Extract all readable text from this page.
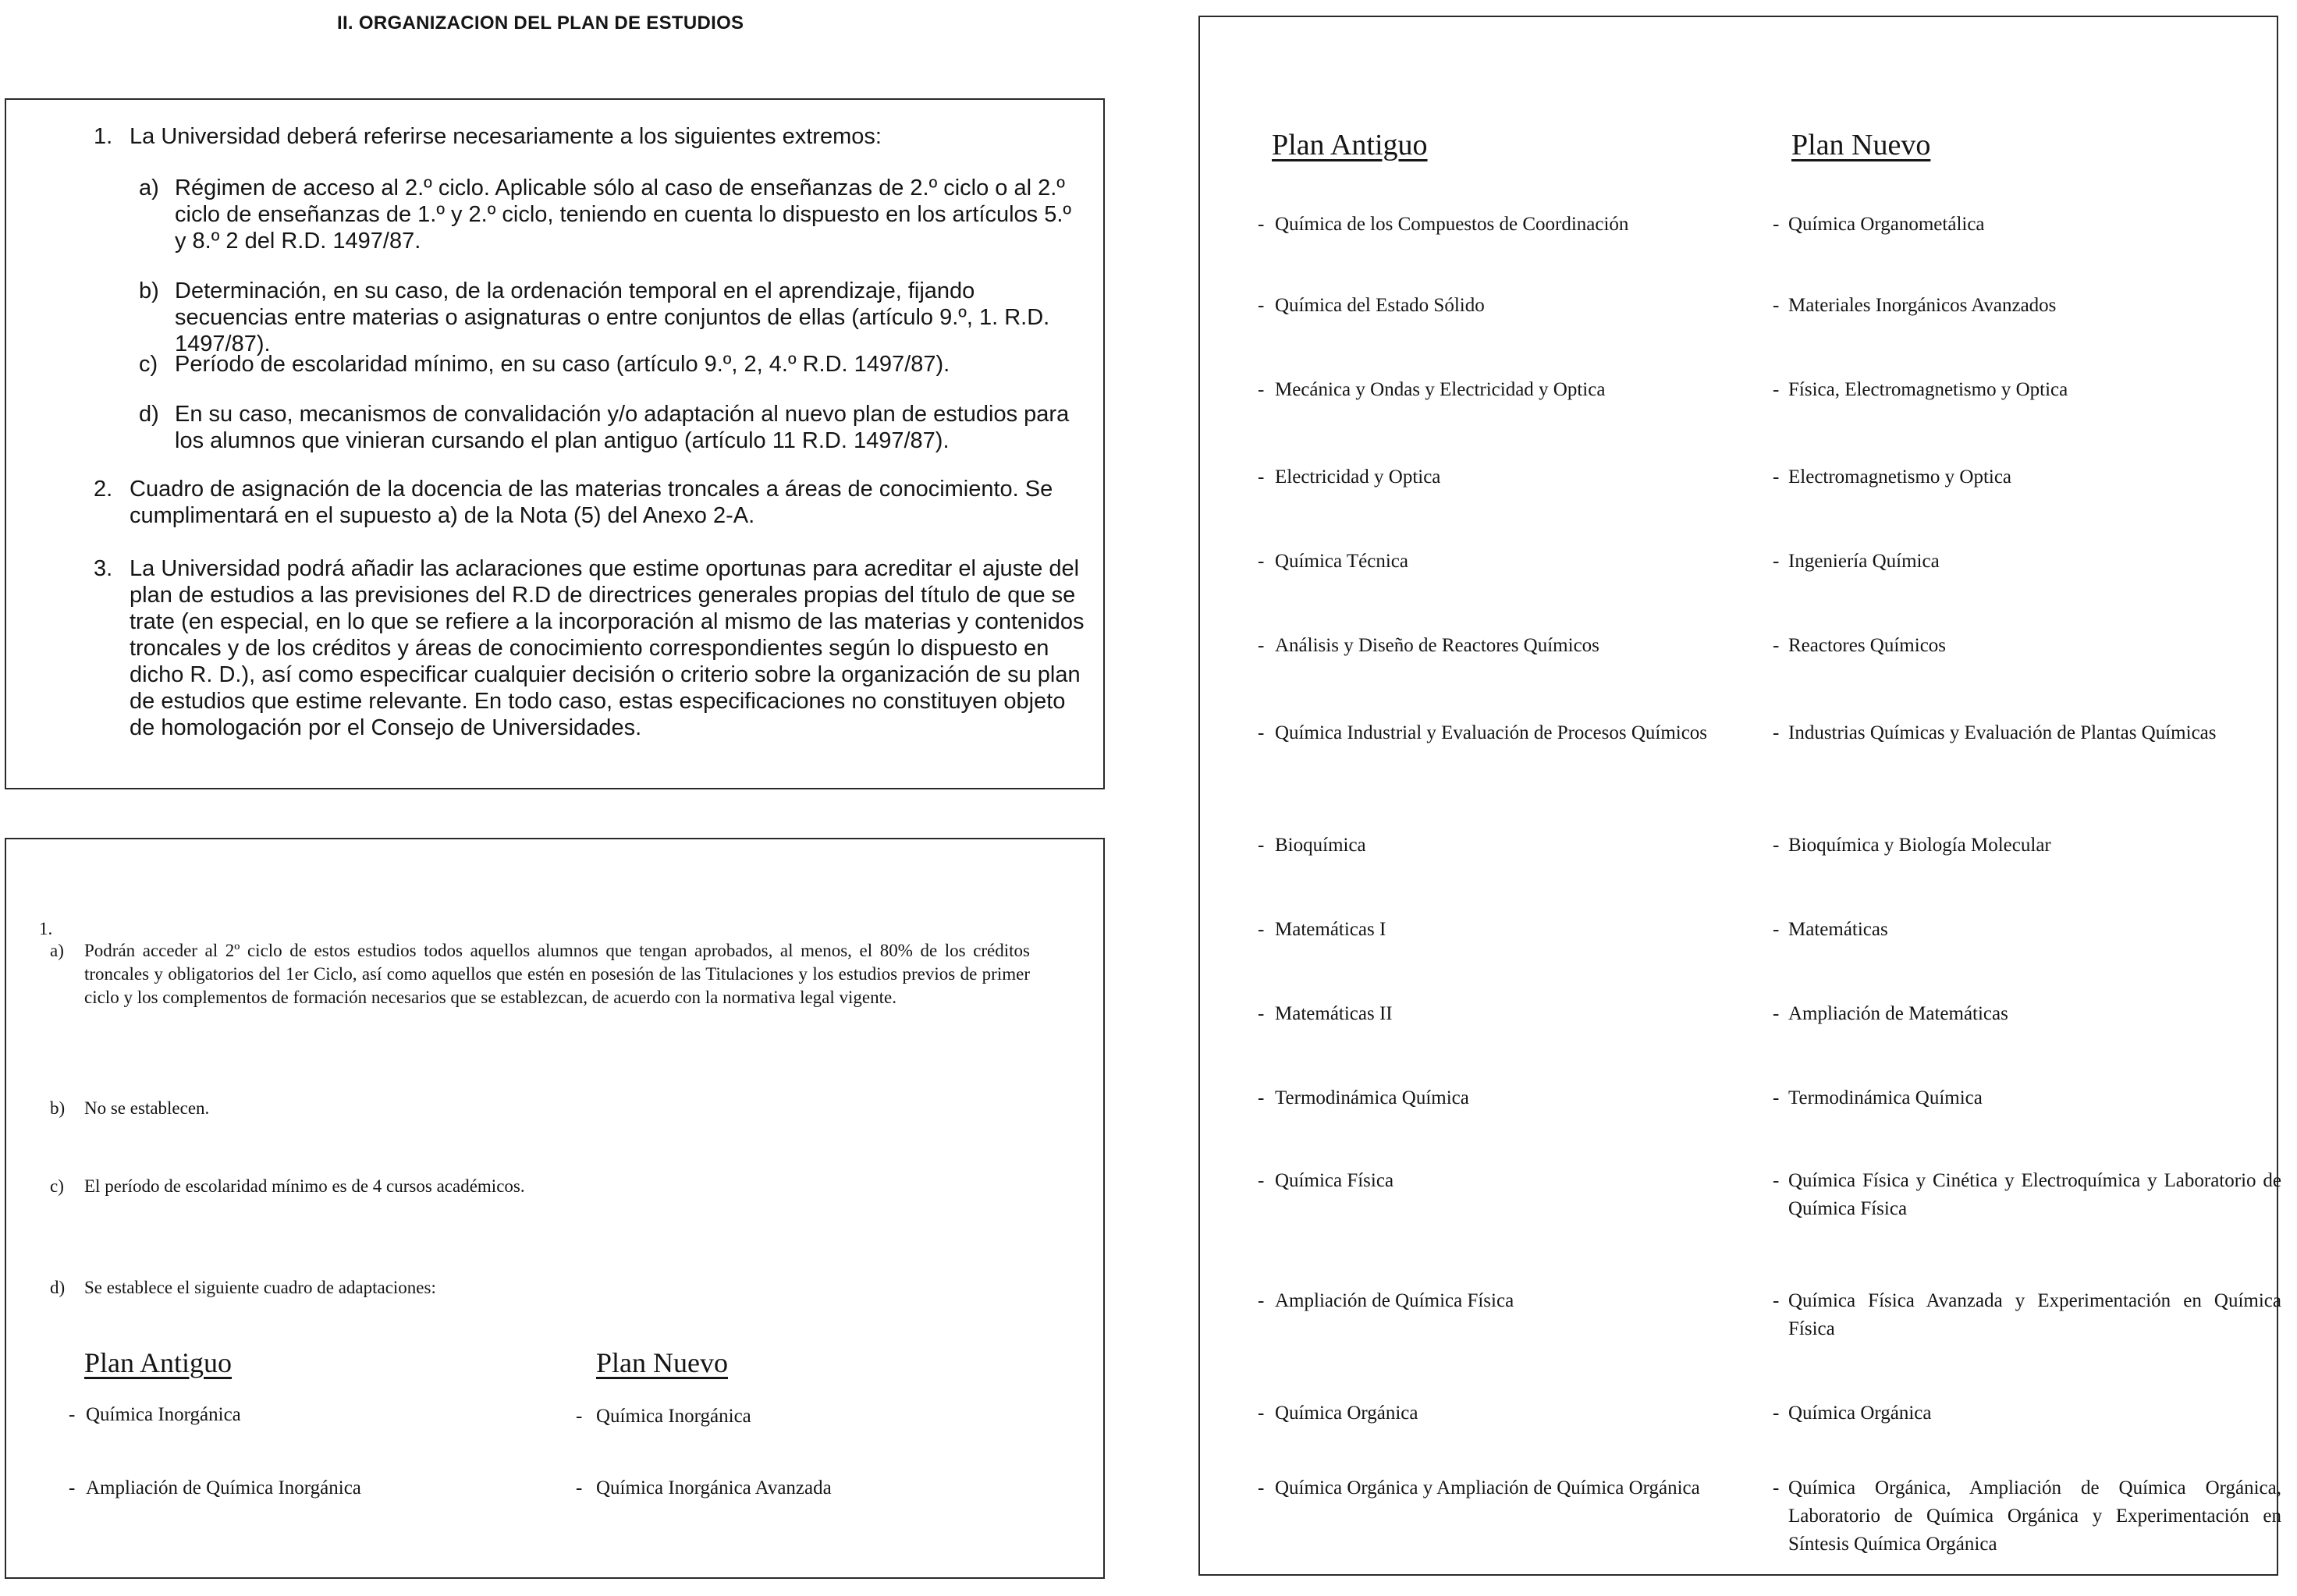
II. ORGANIZACION DEL PLAN DE ESTUDIOS
1. La Universidad deberá referirse necesariamente a los siguientes extremos:
a) Régimen de acceso al 2.º ciclo. Aplicable sólo al caso de enseñanzas de 2.º ciclo o al 2.º ciclo de enseñanzas de 1.º y 2.º ciclo, teniendo en cuenta lo dispuesto en los artículos 5.º y 8.º 2 del R.D. 1497/87.
b) Determinación, en su caso, de la ordenación temporal en el aprendizaje, fijando secuencias entre materias o asignaturas o entre conjuntos de ellas (artículo 9.º, 1. R.D. 1497/87).
c) Período de escolaridad mínimo, en su caso (artículo 9.º, 2, 4.º R.D. 1497/87).
d) En su caso, mecanismos de convalidación y/o adaptación al nuevo plan de estudios para los alumnos que vinieran cursando el plan antiguo (artículo 11 R.D. 1497/87).
2. Cuadro de asignación de la docencia de las materias troncales a áreas de conocimiento. Se cumplimentará en el supuesto a) de la Nota (5) del Anexo 2-A.
3. La Universidad podrá añadir las aclaraciones que estime oportunas para acreditar el ajuste del plan de estudios a las previsiones del R.D de directrices generales propias del título de que se trate (en especial, en lo que se refiere a la incorporación al mismo de las materias y contenidos troncales y de los créditos y áreas de conocimiento correspondientes según lo dispuesto en dicho R. D.), así como especificar cualquier decisión o criterio sobre la organización de su plan de estudios que estime relevante. En todo caso, estas especificaciones no constituyen objeto de homologación por el Consejo de Universidades.
1.
a) Podrán acceder al 2º ciclo de estos estudios todos aquellos alumnos que tengan aprobados, al menos, el 80% de los créditos troncales y obligatorios del 1er Ciclo, así como aquellos que estén en posesión de las Titulaciones y los estudios previos de primer ciclo y los complementos de formación necesarios que se establezcan, de acuerdo con la normativa legal vigente.
b) No se establecen.
c) El período de escolaridad mínimo es de 4 cursos académicos.
d) Se establece el siguiente cuadro de adaptaciones:
Plan Antiguo	Plan Nuevo
- Química Inorgánica	- Química Inorgánica
- Ampliación de Química Inorgánica	- Química Inorgánica Avanzada
Plan Antiguo	Plan Nuevo
- Química de los Compuestos de Coordinación	- Química Organometálica
- Química del Estado Sólido	- Materiales Inorgánicos Avanzados
- Mecánica y Ondas y Electricidad y Optica	- Física, Electromagnetismo y Optica
- Electricidad y Optica	- Electromagnetismo y Optica
- Química Técnica	- Ingeniería Química
- Análisis y Diseño de Reactores Químicos	- Reactores Químicos
- Química Industrial y Evaluación de Procesos Químicos	- Industrias Químicas y Evaluación de Plantas Químicas
- Bioquímica	- Bioquímica y Biología Molecular
- Matemáticas I	- Matemáticas
- Matemáticas II	- Ampliación de Matemáticas
- Termodinámica Química	- Termodinámica Química
- Química Física	- Química Física y Cinética y Electroquímica y Laboratorio de Química Física
- Ampliación de Química Física	- Química Física Avanzada y Experimentación en Química Física
- Química Orgánica	- Química Orgánica
- Química Orgánica y Ampliación de Química Orgánica	- Química Orgánica, Ampliación de Química Orgánica, Laboratorio de Química Orgánica y Experimentación en Síntesis Química Orgánica
